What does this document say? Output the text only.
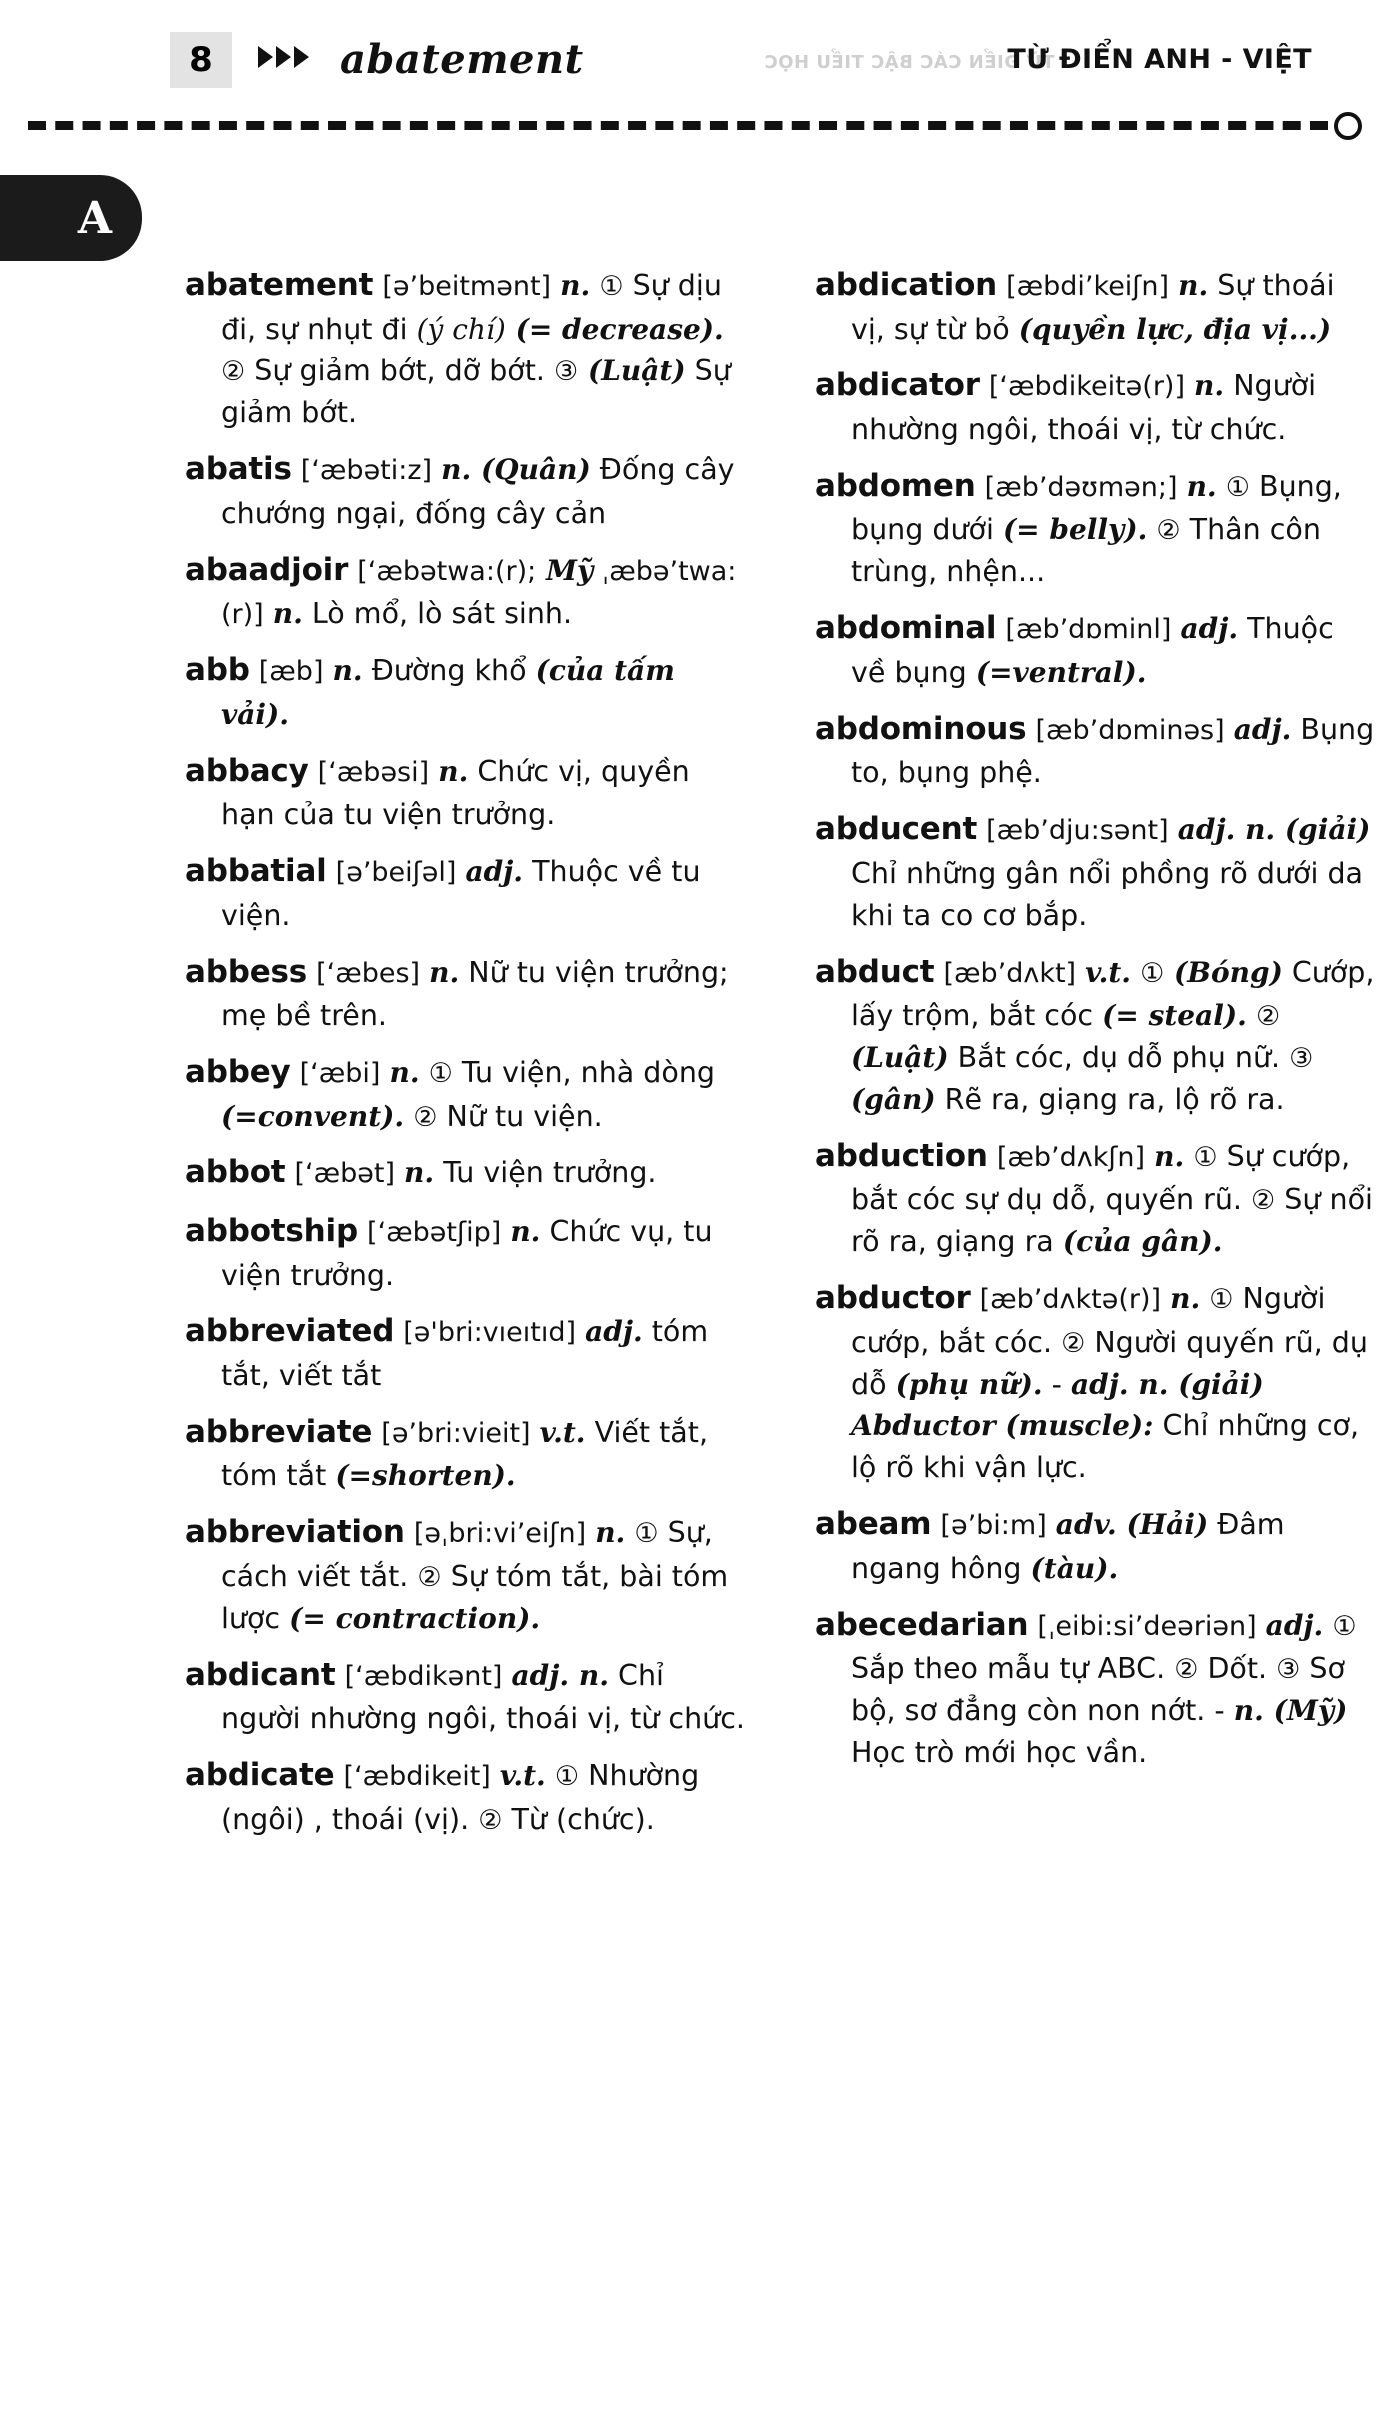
8	abatement	TỪ ĐIỂN CÁC BẬC TIỂU HỌC
TỪ ĐIỂN ANH - VIỆT
A

abatement [ə’beitmənt] n. ① Sự dịu đi, sự nhụt đi (ý chí) (= decrease). ② Sự giảm bớt, dỡ bớt. ③ (Luật) Sự giảm bớt.

abatis [‘æbəti:z] n. (Quân) Đống cây chướng ngại, đống cây cản

abaadjoir [‘æbətwa:(r); Mỹ ˌæbə’twa:(r)] n. Lò mổ, lò sát sinh.

abb [æb] n. Đường khổ (của tấm vải).

abbacy [‘æbəsi] n. Chức vị, quyền hạn của tu viện trưởng.

abbatial [ə’beiʃəl] adj. Thuộc về tu viện.

abbess [‘æbes] n. Nữ tu viện trưởng; mẹ bề trên.

abbey [‘æbi] n. ① Tu viện, nhà dòng (=convent). ② Nữ tu viện.

abbot [‘æbət] n. Tu viện trưởng.

abbotship [‘æbətʃip] n. Chức vụ, tu viện trưởng.

abbreviated [ə'bri:vıeıtıd] adj. tóm tắt, viết tắt

abbreviate [ə’bri:vieit] v.t. Viết tắt, tóm tắt (=shorten).

abbreviation [əˌbri:vi’eiʃn] n. ① Sự, cách viết tắt. ② Sự tóm tắt, bài tóm lược (= contraction).

abdicant [‘æbdikənt] adj. n. Chỉ người nhường ngôi, thoái vị, từ chức.

abdicate [‘æbdikeit] v.t. ① Nhường (ngôi) , thoái (vị). ② Từ (chức).

abdication [æbdi’keiʃn] n. Sự thoái vị, sự từ bỏ (quyền lực, địa vị...)

abdicator [‘æbdikeitə(r)] n. Người nhường ngôi, thoái vị, từ chức.

abdomen [æb’dəʊmən;] n. ① Bụng, bụng dưới (= belly). ② Thân côn trùng, nhện...

abdominal [æb’dɒminl] adj. Thuộc về bụng (=ventral).

abdominous [æb’dɒminəs] adj. Bụng to, bụng phệ.

abducent [æb’dju:sənt] adj. n. (giải) Chỉ những gân nổi phồng rõ dưới da khi ta co cơ bắp.

abduct [æb’dʌkt] v.t. ① (Bóng) Cướp, lấy trộm, bắt cóc (= steal). ② (Luật) Bắt cóc, dụ dỗ phụ nữ. ③ (gân) Rẽ ra, giạng ra, lộ rõ ra.

abduction [æb’dʌkʃn] n. ① Sự cướp, bắt cóc sự dụ dỗ, quyến rũ. ② Sự nổi rõ ra, giạng ra (của gân).

abductor [æb’dʌktə(r)] n. ① Người cướp, bắt cóc. ② Người quyến rũ, dụ dỗ (phụ nữ). - adj. n. (giải) Abductor (muscle): Chỉ những cơ, lộ rõ khi vận lực.

abeam [ə’bi:m] adv. (Hải) Đâm ngang hông (tàu).

abecedarian [ˌeibi:si’deəriən] adj. ① Sắp theo mẫu tự ABC. ② Dốt. ③ Sơ bộ, sơ đẳng còn non nớt. - n. (Mỹ) Học trò mới học vần.
